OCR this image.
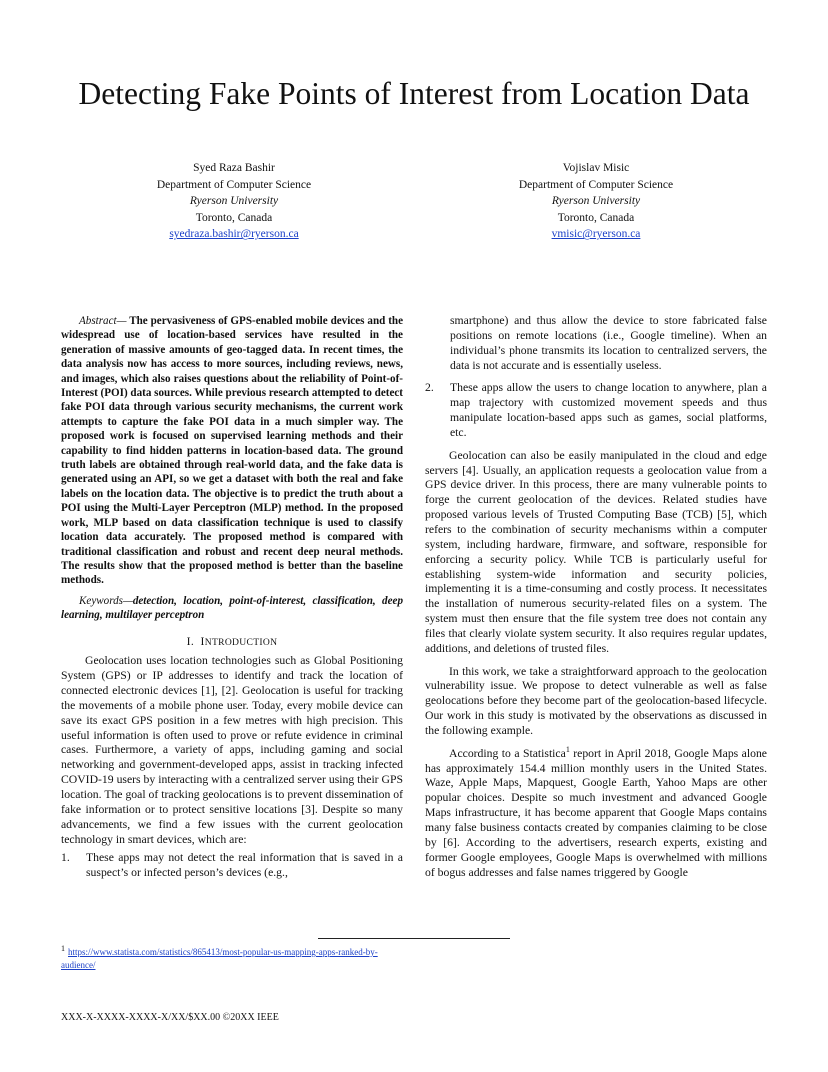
Detecting Fake Points of Interest from Location Data
Syed Raza Bashir
Department of Computer Science
Ryerson University
Toronto, Canada
syedraza.bashir@ryerson.ca
Vojislav Misic
Department of Computer Science
Ryerson University
Toronto, Canada
vmisic@ryerson.ca

Abstract— The pervasiveness of GPS-enabled mobile devices and the widespread use of location-based services have resulted in the generation of massive amounts of geo-tagged data. In recent times, the data analysis now has access to more sources, including reviews, news, and images, which also raises questions about the reliability of Point-of-Interest (POI) data sources. While previous research attempted to detect fake POI data through various security mechanisms, the current work attempts to capture the fake POI data in a much simpler way. The proposed work is focused on supervised learning methods and their capability to find hidden patterns in location-based data. The ground truth labels are obtained through real-world data, and the fake data is generated using an API, so we get a dataset with both the real and fake labels on the location data. The objective is to predict the truth about a POI using the Multi-Layer Perceptron (MLP) method. In the proposed work, MLP based on data classification technique is used to classify location data accurately. The proposed method is compared with traditional classification and robust and recent deep neural methods. The results show that the proposed method is better than the baseline methods.

Keywords—detection, location, point-of-interest, classification, deep learning, multilayer perceptron

I. INTRODUCTION

Geolocation uses location technologies such as Global Positioning System (GPS) or IP addresses to identify and track the location of connected electronic devices [1], [2]. Geolocation is useful for tracking the movements of a mobile phone user. Today, every mobile device can save its exact GPS position in a few metres with high precision. This useful information is often used to prove or refute evidence in criminal cases. Furthermore, a variety of apps, including gaming and social networking and government-developed apps, assist in tracking infected COVID-19 users by interacting with a centralized server using their GPS location. The goal of tracking geolocations is to prevent dissemination of fake information or to protect sensitive locations [3]. Despite so many advancements, we find a few issues with the current geolocation technology in smart devices, which are:

1. These apps may not detect the real information that is saved in a suspect’s or infected person’s devices (e.g.,
smartphone) and thus allow the device to store fabricated false positions on remote locations (i.e., Google timeline). When an individual’s phone transmits its location to centralized servers, the data is not accurate and is essentially useless.
2. These apps allow the users to change location to anywhere, plan a map trajectory with customized movement speeds and thus manipulate location-based apps such as games, social platforms, etc.

Geolocation can also be easily manipulated in the cloud and edge servers [4]. Usually, an application requests a geolocation value from a GPS device driver. In this process, there are many vulnerable points to forge the current geolocation of the devices. Related studies have proposed various levels of Trusted Computing Base (TCB) [5], which refers to the combination of security mechanisms within a computer system, including hardware, firmware, and software, responsible for enforcing a security policy. While TCB is particularly useful for establishing system-wide information and security policies, implementing it is a time-consuming and costly process. It necessitates the installation of numerous security-related files on a system. The system must then ensure that the file system tree does not contain any files that clearly violate system security. It also requires regular updates, additions, and deletions of trusted files.

In this work, we take a straightforward approach to the geolocation vulnerability issue. We propose to detect vulnerable as well as false geolocations before they become part of the geolocation-based lifecycle. Our work in this study is motivated by the observations as discussed in the following example.

According to a Statistica$^1$ report in April 2018, Google Maps alone has approximately 154.4 million monthly users in the United States. Waze, Apple Maps, Mapquest, Google Earth, Yahoo Maps are other popular choices. Despite so much investment and advanced Google Maps infrastructure, it has become apparent that Google Maps contains many false business contacts created by companies claiming to be close by [6]. According to the advertisers, research experts, existing and former Google employees, Google Maps is overwhelmed with millions of bogus addresses and false names triggered by Google

$^1$ https://www.statista.com/statistics/865413/most-popular-us-mapping-apps-ranked-by-audience/
XXX-X-XXXX-XXXX-X/XX/$XX.00 ©20XX IEEE
